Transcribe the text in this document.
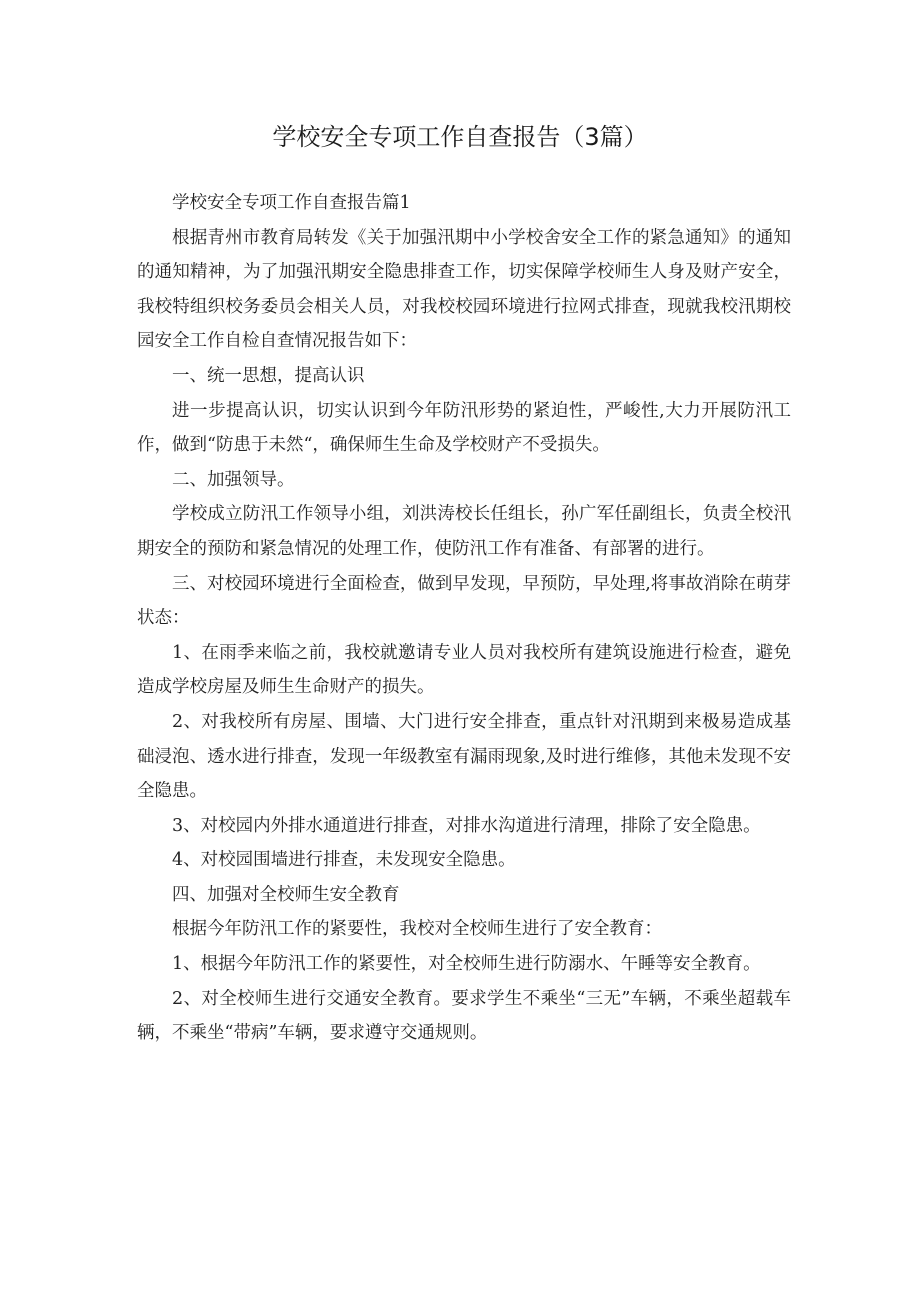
学校安全专项工作自查报告（3篇）

学校安全专项工作自查报告篇1

根据青州市教育局转发《关于加强汛期中小学校舍安全工作的紧急通知》的通知的通知精神，为了加强汛期安全隐患排查工作，切实保障学校师生人身及财产安全，我校特组织校务委员会相关人员，对我校校园环境进行拉网式排查，现就我校汛期校园安全工作自检自查情况报告如下：

一、统一思想，提高认识

进一步提高认识，切实认识到今年防汛形势的紧迫性，严峻性,大力开展防汛工作，做到“防患于未然“，确保师生生命及学校财产不受损失。

二、加强领导。

学校成立防汛工作领导小组，刘洪涛校长任组长，孙广军任副组长，负责全校汛期安全的预防和紧急情况的处理工作，使防汛工作有准备、有部署的进行。

三、对校园环境进行全面检查，做到早发现，早预防，早处理,将事故消除在萌芽状态：

1、在雨季来临之前，我校就邀请专业人员对我校所有建筑设施进行检查，避免造成学校房屋及师生生命财产的损失。

2、对我校所有房屋、围墙、大门进行安全排查，重点针对汛期到来极易造成基础浸泡、透水进行排查，发现一年级教室有漏雨现象,及时进行维修，其他未发现不安全隐患。

3、对校园内外排水通道进行排查，对排水沟道进行清理，排除了安全隐患。

4、对校园围墙进行排查，未发现安全隐患。

四、加强对全校师生安全教育

根据今年防汛工作的紧要性，我校对全校师生进行了安全教育：

1、根据今年防汛工作的紧要性，对全校师生进行防溺水、午睡等安全教育。

2、对全校师生进行交通安全教育。要求学生不乘坐“三无”车辆，不乘坐超载车辆，不乘坐“带病”车辆，要求遵守交通规则。
